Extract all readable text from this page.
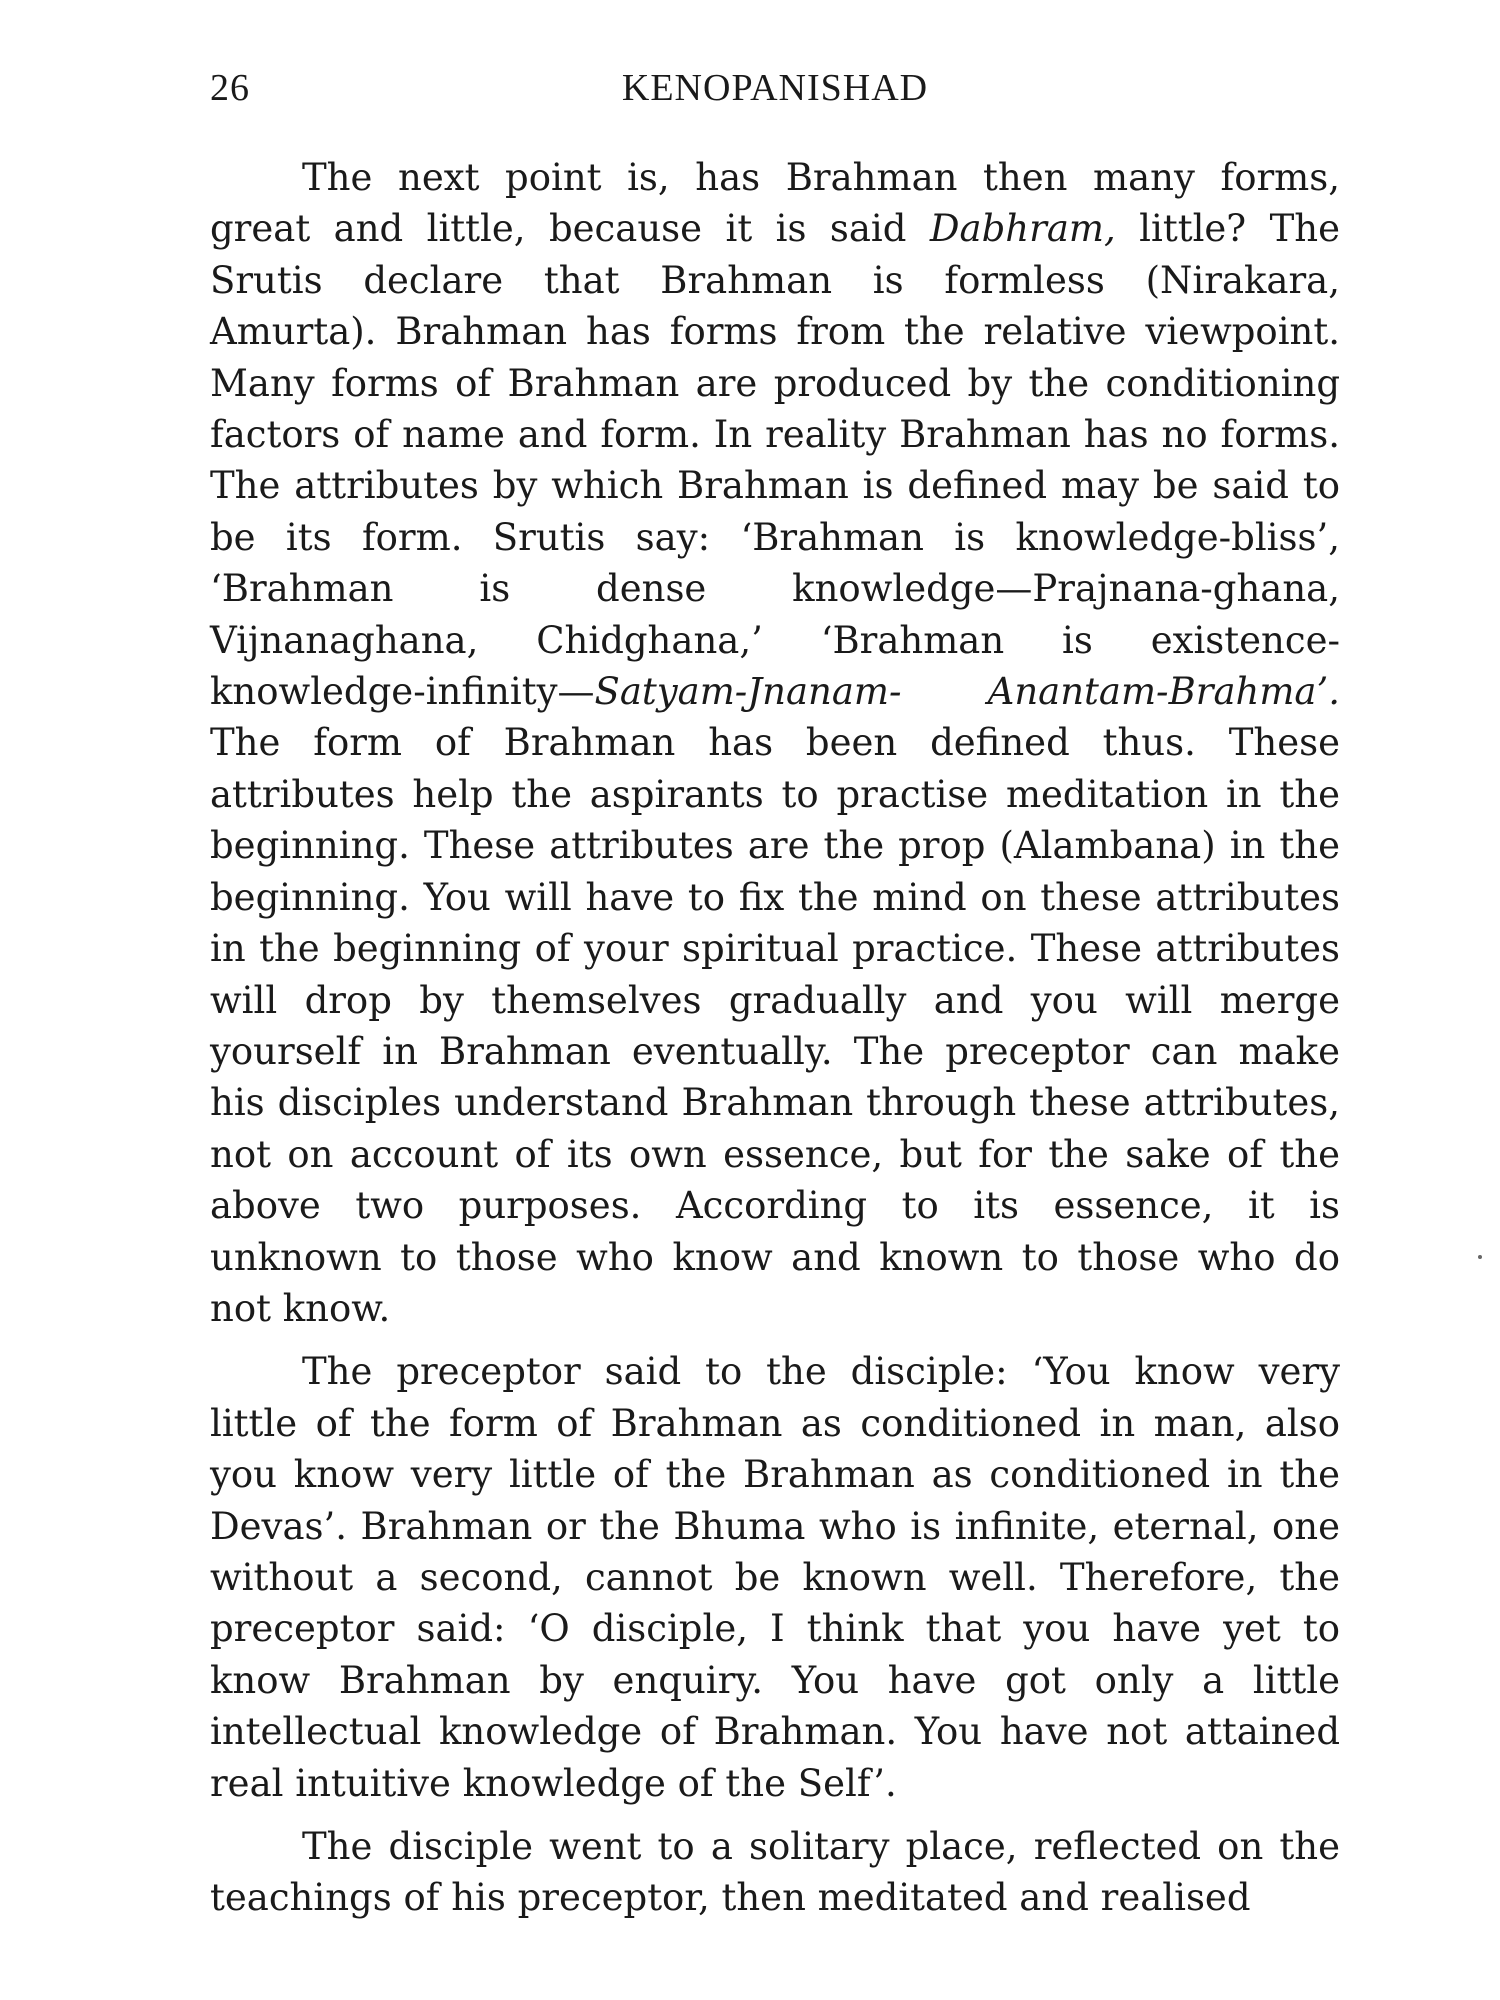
26	KENOPANISHAD

The next point is, has Brahman then many forms, great and little, because it is said Dabhram, little? The Srutis declare that Brahman is formless (Nirakara, Amurta). Brahman has forms from the relative viewpoint. Many forms of Brahman are produced by the conditioning factors of name and form. In reality Brahman has no forms. The attributes by which Brahman is defined may be said to be its form. Srutis say: ‘Brahman is knowledge-bliss’, ‘Brahman is dense knowledge—Prajnana-ghana, Vijnanaghana, Chidghana,’ ‘Brahman is existence-knowledge-infinity—Satyam-Jnanam- Anantam-Brahma’. The form of Brahman has been defined thus. These attributes help the aspirants to practise meditation in the beginning. These attributes are the prop (Alambana) in the beginning. You will have to fix the mind on these attributes in the beginning of your spiritual practice. These attributes will drop by themselves gradually and you will merge yourself in Brahman eventually. The preceptor can make his disciples understand Brahman through these attributes, not on account of its own essence, but for the sake of the above two purposes. According to its essence, it is unknown to those who know and known to those who do not know.

The preceptor said to the disciple: ‘You know very little of the form of Brahman as conditioned in man, also you know very little of the Brahman as conditioned in the Devas’. Brahman or the Bhuma who is infinite, eternal, one without a second, cannot be known well. Therefore, the preceptor said: ‘O disciple, I think that you have yet to know Brahman by enquiry. You have got only a little intellectual knowledge of Brahman. You have not attained real intuitive knowledge of the Self’.

The disciple went to a solitary place, reflected on the teachings of his preceptor, then meditated and realised
